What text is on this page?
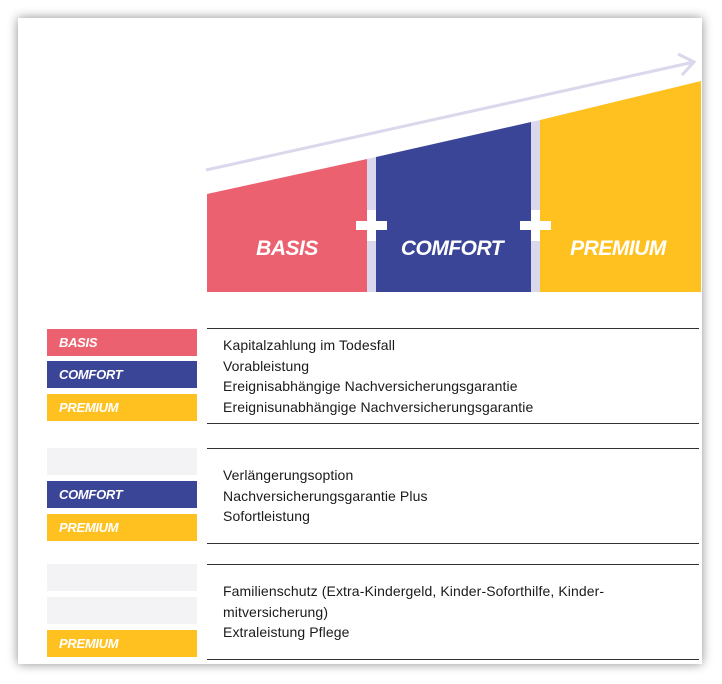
BASIS	COMFORT	PREMIUM
BASIS
COMFORT
PREMIUM
Kapitalzahlung im Todesfall
Vorableistung
Ereignisabhängige Nachversicherungsgarantie
Ereignisunabhängige Nachversicherungsgarantie
COMFORT
PREMIUM
Verlängerungsoption
Nachversicherungsgarantie Plus
Sofortleistung
PREMIUM
Familienschutz (Extra-Kindergeld, Kinder-Soforthilfe, Kinder-
mitversicherung)
Extraleistung Pflege
